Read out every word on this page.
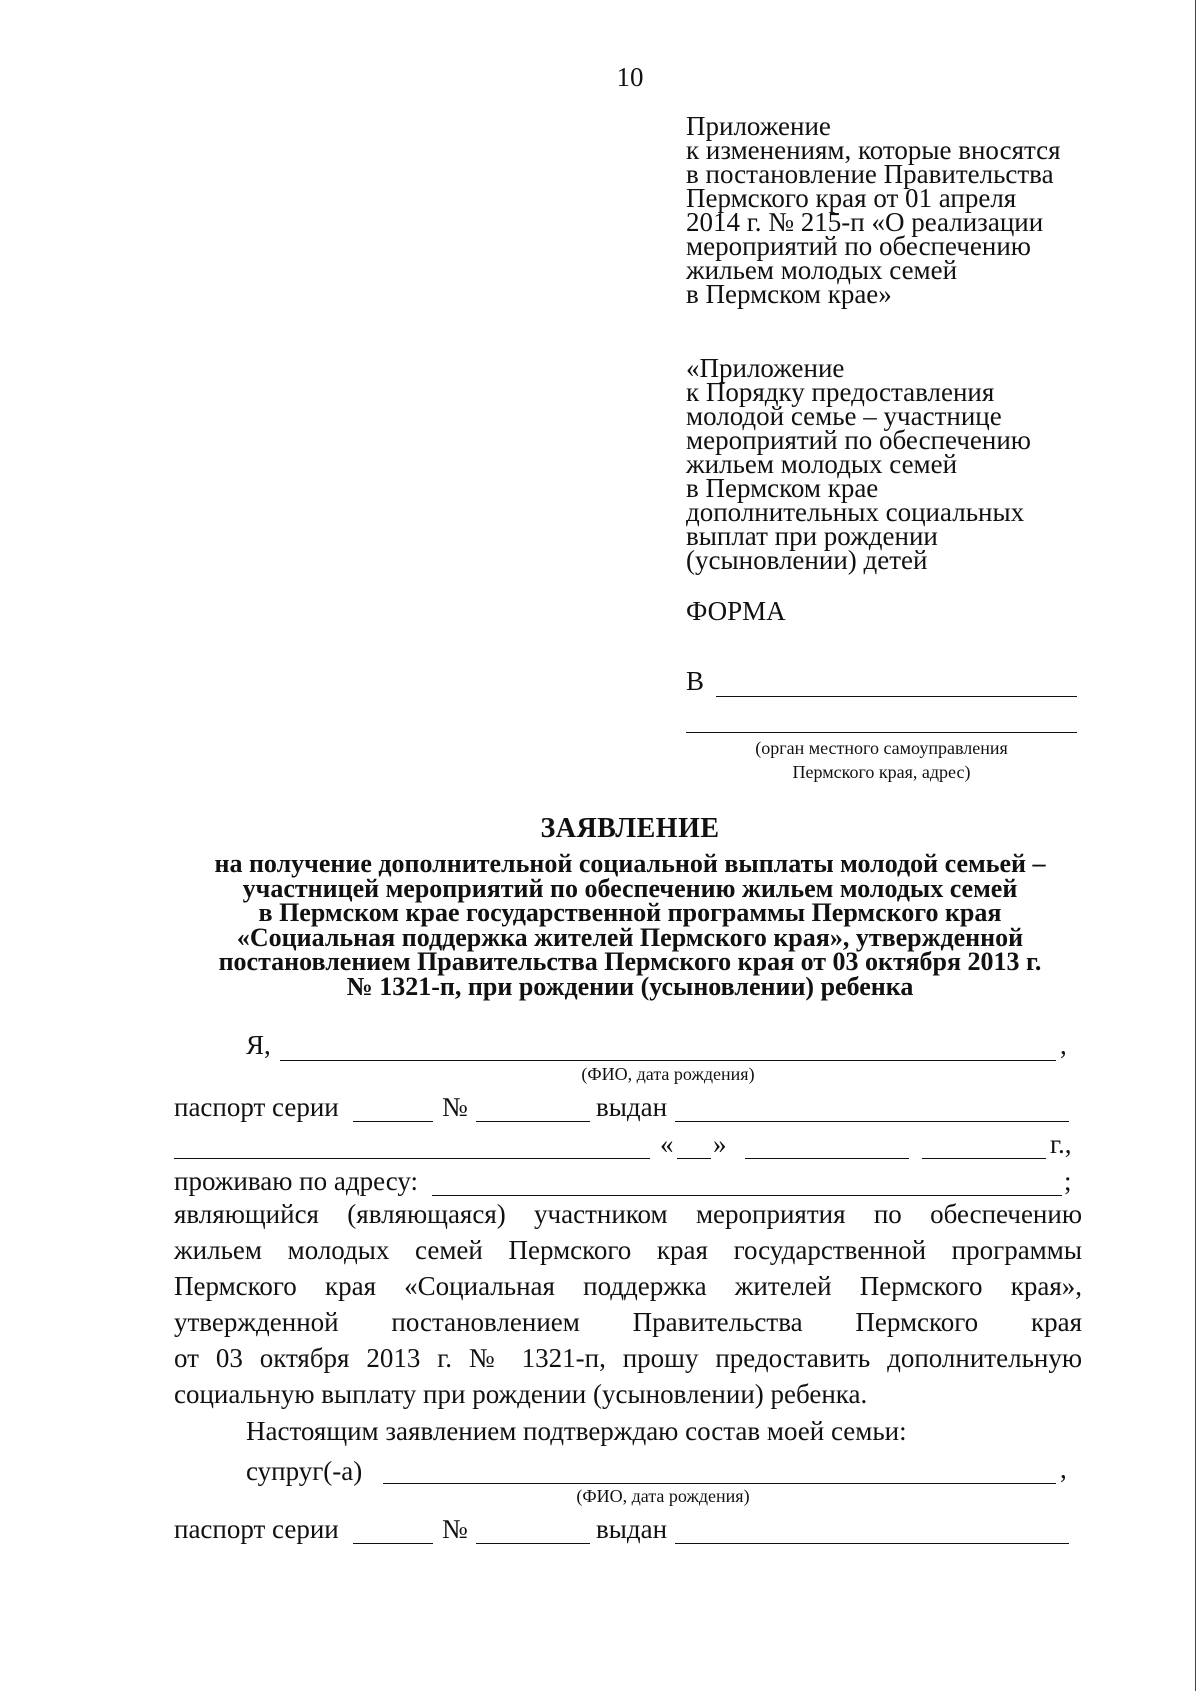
10
Приложение
к изменениям, которые вносятся
в постановление Правительства
Пермского края от 01 апреля
2014 г. № 215-п «О реализации
мероприятий по обеспечению
жильем молодых семей
в Пермском крае»
«Приложение
к Порядку предоставления
молодой семье – участнице
мероприятий по обеспечению
жильем молодых семей
в Пермском крае
дополнительных социальных
выплат при рождении
(усыновлении) детей
ФОРМА
В
(орган местного самоуправления
Пермского края, адрес)
ЗАЯВЛЕНИЕ
на получение дополнительной социальной выплаты молодой семьей –
участницей мероприятий по обеспечению жильем молодых семей
в Пермском крае государственной программы Пермского края
«Социальная поддержка жителей Пермского края», утвержденной
постановлением Правительства Пермского края от 03 октября 2013 г.
№ 1321-п, при рождении (усыновлении) ребенка
Я,	,
(ФИО, дата рождения)
паспорт серии	№	выдан
« »	г.,
проживаю по адресу:	;
являющийся (являющаяся) участником мероприятия по обеспечению
жильем молодых семей Пермского края государственной программы
Пермского края «Социальная поддержка жителей Пермского края»,
утвержденной постановлением Правительства Пермского края
от 03 октября 2013 г. № 1321-п, прошу предоставить дополнительную
социальную выплату при рождении (усыновлении) ребенка.
Настоящим заявлением подтверждаю состав моей семьи:
супруг(-а)	,
(ФИО, дата рождения)
паспорт серии	№	выдан
